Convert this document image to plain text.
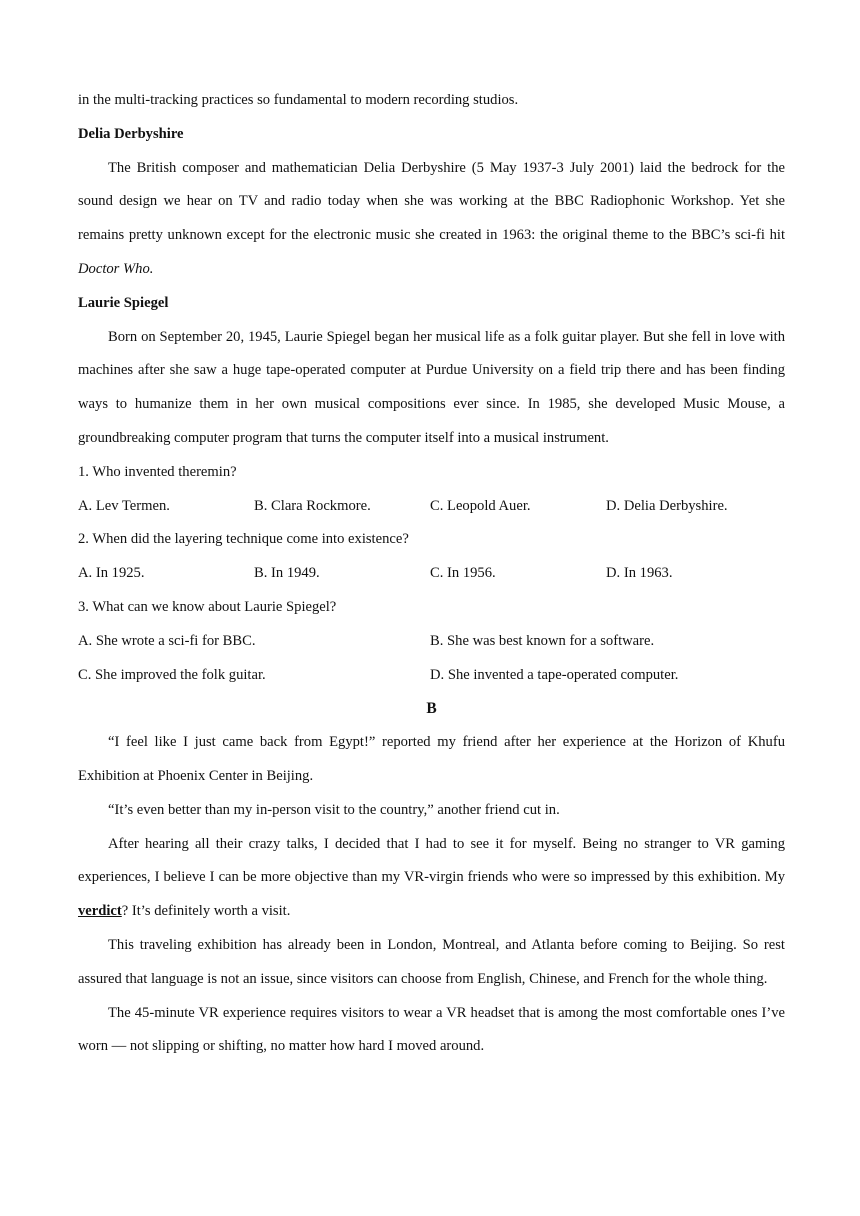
in the multi-tracking practices so fundamental to modern recording studios.
Delia Derbyshire
The British composer and mathematician Delia Derbyshire (5 May 1937-3 July 2001) laid the bedrock for the sound design we hear on TV and radio today when she was working at the BBC Radiophonic Workshop. Yet she remains pretty unknown except for the electronic music she created in 1963: the original theme to the BBC’s sci-fi hit Doctor Who.
Laurie Spiegel
Born on September 20, 1945, Laurie Spiegel began her musical life as a folk guitar player. But she fell in love with machines after she saw a huge tape-operated computer at Purdue University on a field trip there and has been finding ways to humanize them in her own musical compositions ever since. In 1985, she developed Music Mouse, a groundbreaking computer program that turns the computer itself into a musical instrument.
1. Who invented theremin?
A. Lev Termen.	B. Clara Rockmore.	C. Leopold Auer.	D. Delia Derbyshire.
2. When did the layering technique come into existence?
A. In 1925.	B. In 1949.	C. In 1956.	D. In 1963.
3. What can we know about Laurie Spiegel?
A. She wrote a sci-fi for BBC.	B. She was best known for a software.
C. She improved the folk guitar.	D. She invented a tape-operated computer.
B
“I feel like I just came back from Egypt!” reported my friend after her experience at the Horizon of Khufu Exhibition at Phoenix Center in Beijing.
“It’s even better than my in-person visit to the country,” another friend cut in.
After hearing all their crazy talks, I decided that I had to see it for myself. Being no stranger to VR gaming experiences, I believe I can be more objective than my VR-virgin friends who were so impressed by this exhibition. My verdict? It’s definitely worth a visit.
This traveling exhibition has already been in London, Montreal, and Atlanta before coming to Beijing. So rest assured that language is not an issue, since visitors can choose from English, Chinese, and French for the whole thing.
The 45-minute VR experience requires visitors to wear a VR headset that is among the most comfortable ones I’ve worn — not slipping or shifting, no matter how hard I moved around.
